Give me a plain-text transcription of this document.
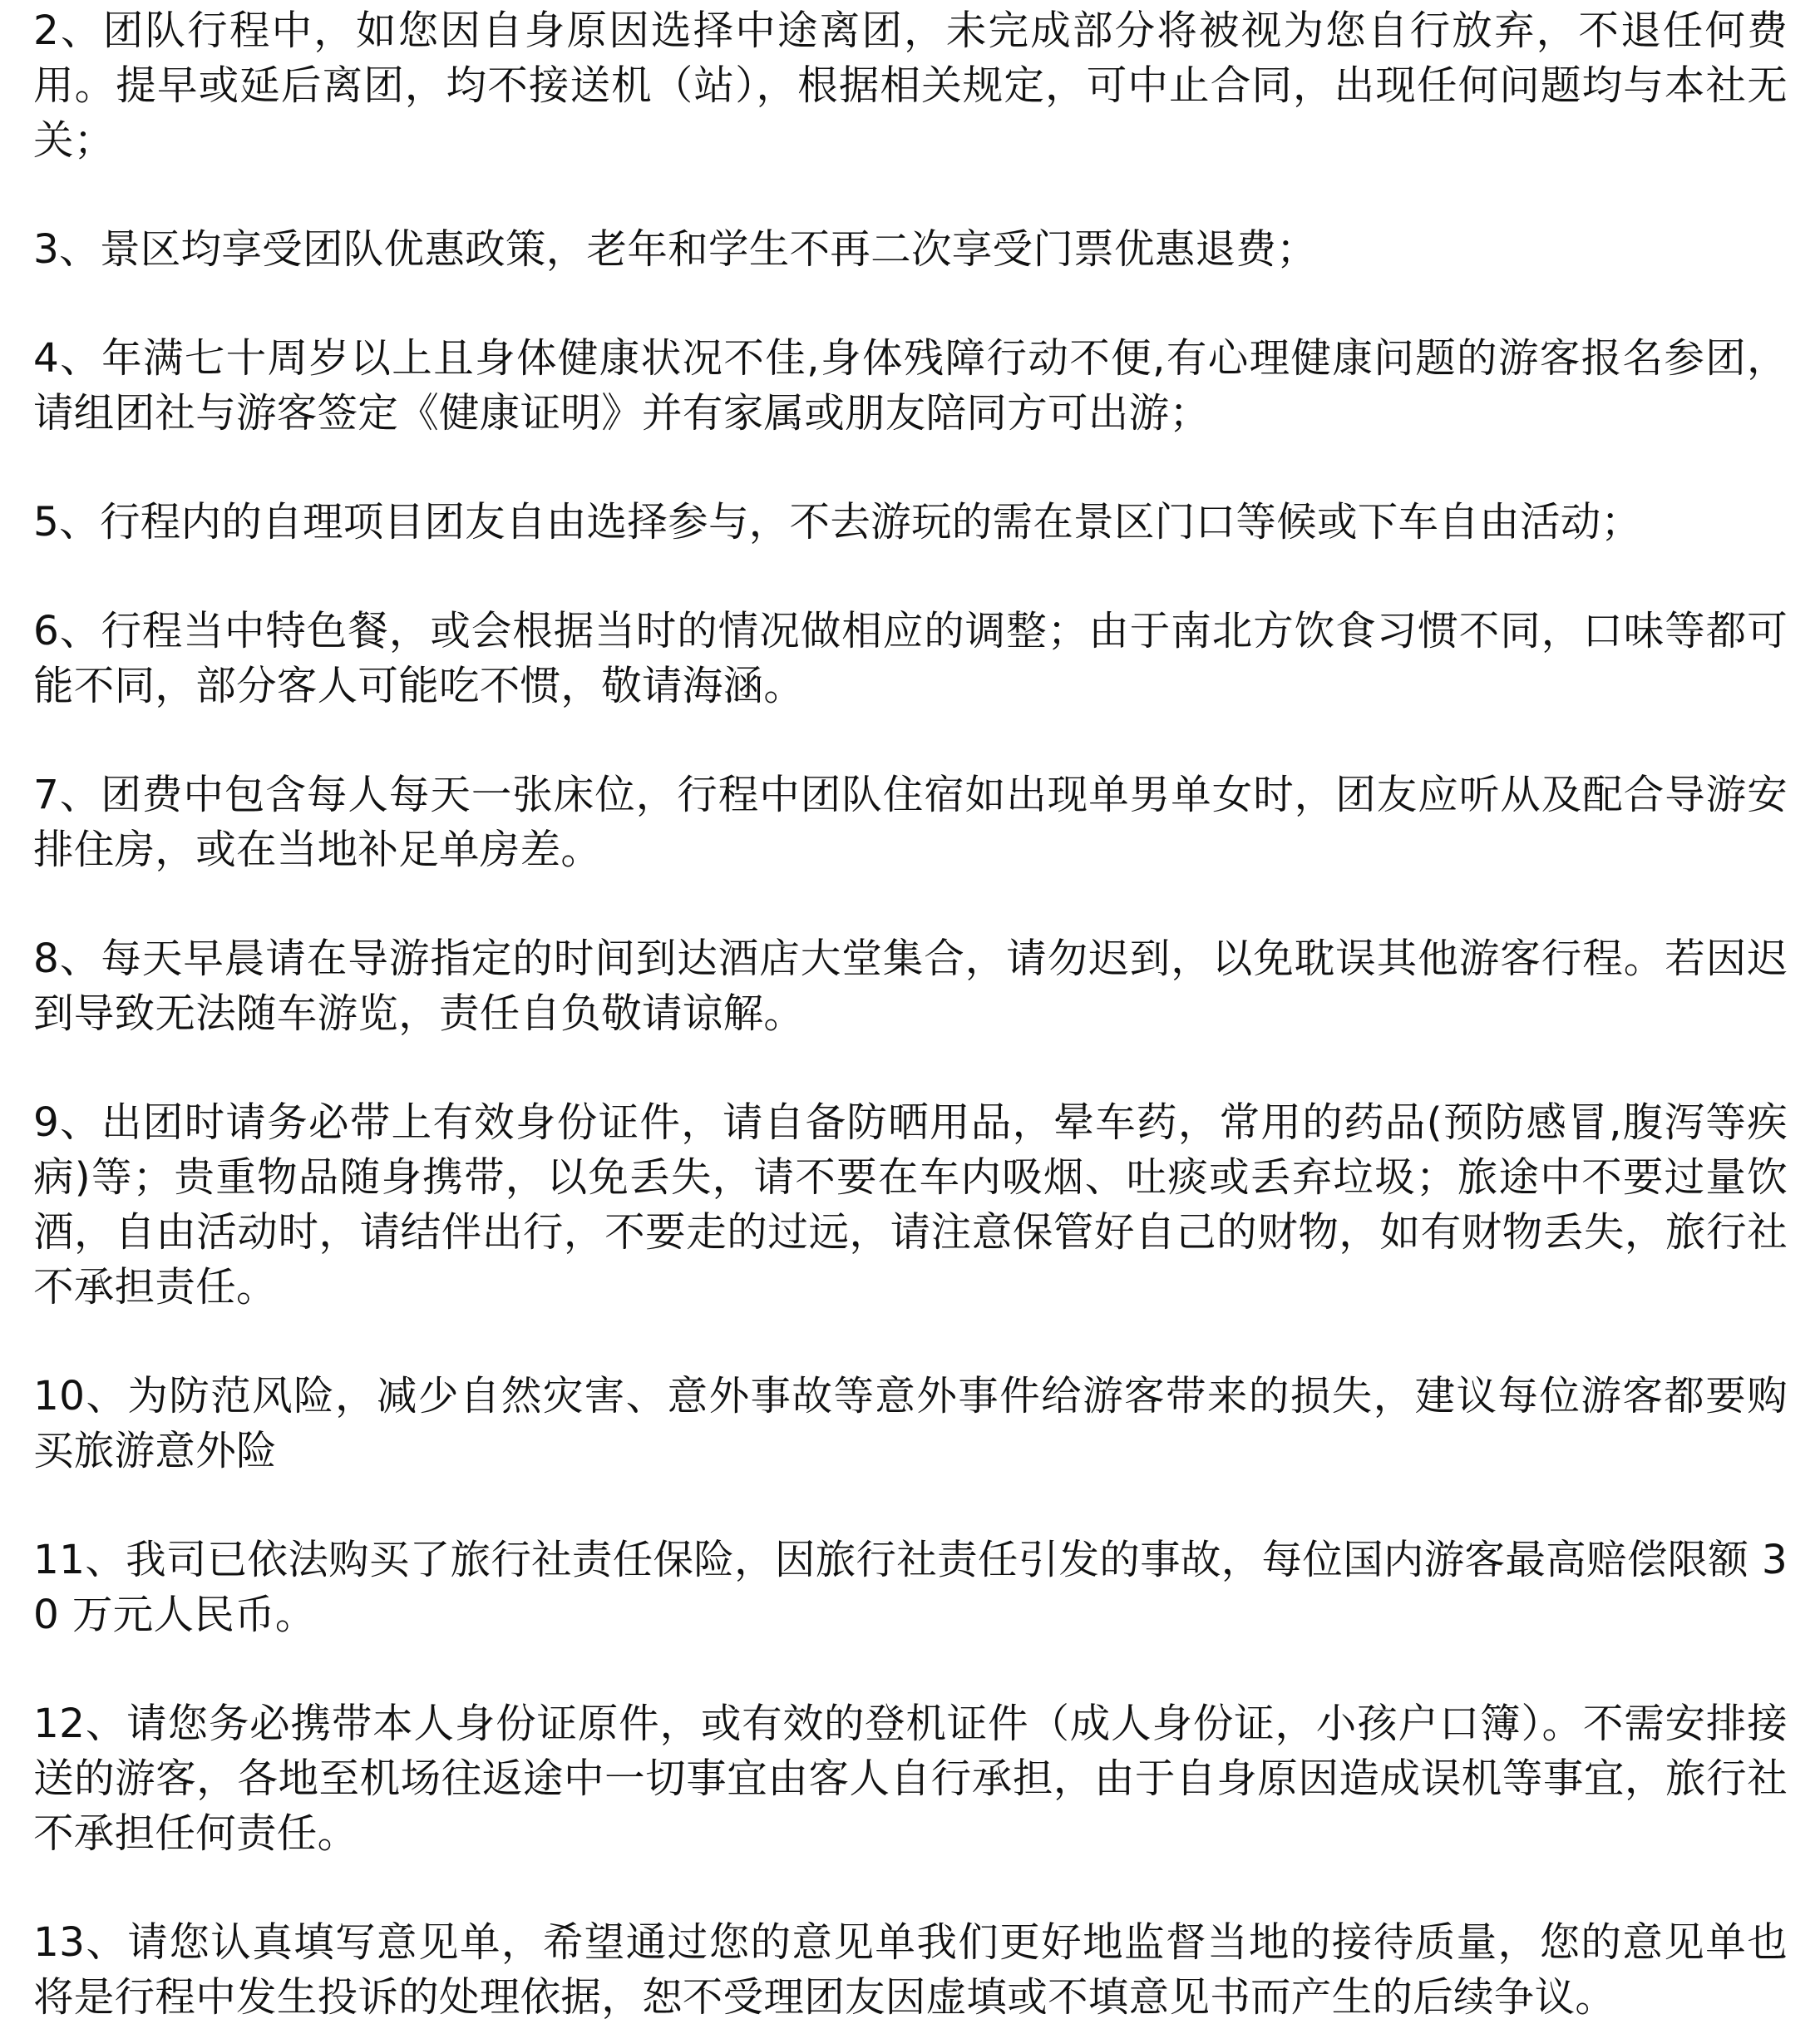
2、团队行程中，如您因自身原因选择中途离团，未完成部分将被视为您自行放弃，不退任何费用。提早或延后离团，均不接送机（站），根据相关规定，可中止合同，出现任何问题均与本社无关；

3、景区均享受团队优惠政策，老年和学生不再二次享受门票优惠退费；

4、年满七十周岁以上且身体健康状况不佳,身体残障行动不便,有心理健康问题的游客报名参团，请组团社与游客签定《健康证明》并有家属或朋友陪同方可出游；

5、行程内的自理项目团友自由选择参与，不去游玩的需在景区门口等候或下车自由活动；

6、行程当中特色餐，或会根据当时的情况做相应的调整；由于南北方饮食习惯不同，口味等都可能不同，部分客人可能吃不惯，敬请海涵。

7、团费中包含每人每天一张床位，行程中团队住宿如出现单男单女时，团友应听从及配合导游安排住房，或在当地补足单房差。

8、每天早晨请在导游指定的时间到达酒店大堂集合，请勿迟到，以免耽误其他游客行程。若因迟到导致无法随车游览，责任自负敬请谅解。

9、出团时请务必带上有效身份证件，请自备防晒用品，晕车药，常用的药品(预防感冒,腹泻等疾病)等；贵重物品随身携带，以免丢失，请不要在车内吸烟、吐痰或丢弃垃圾；旅途中不要过量饮酒，自由活动时，请结伴出行，不要走的过远，请注意保管好自己的财物，如有财物丢失，旅行社不承担责任。

10、为防范风险，减少自然灾害、意外事故等意外事件给游客带来的损失，建议每位游客都要购买旅游意外险

11、我司已依法购买了旅行社责任保险，因旅行社责任引发的事故，每位国内游客最高赔偿限额 30 万元人民币。

12、请您务必携带本人身份证原件，或有效的登机证件（成人身份证，小孩户口簿）。不需安排接送的游客，各地至机场往返途中一切事宜由客人自行承担，由于自身原因造成误机等事宜，旅行社不承担任何责任。

13、请您认真填写意见单，希望通过您的意见单我们更好地监督当地的接待质量，您的意见单也将是行程中发生投诉的处理依据，恕不受理团友因虚填或不填意见书而产生的后续争议。
